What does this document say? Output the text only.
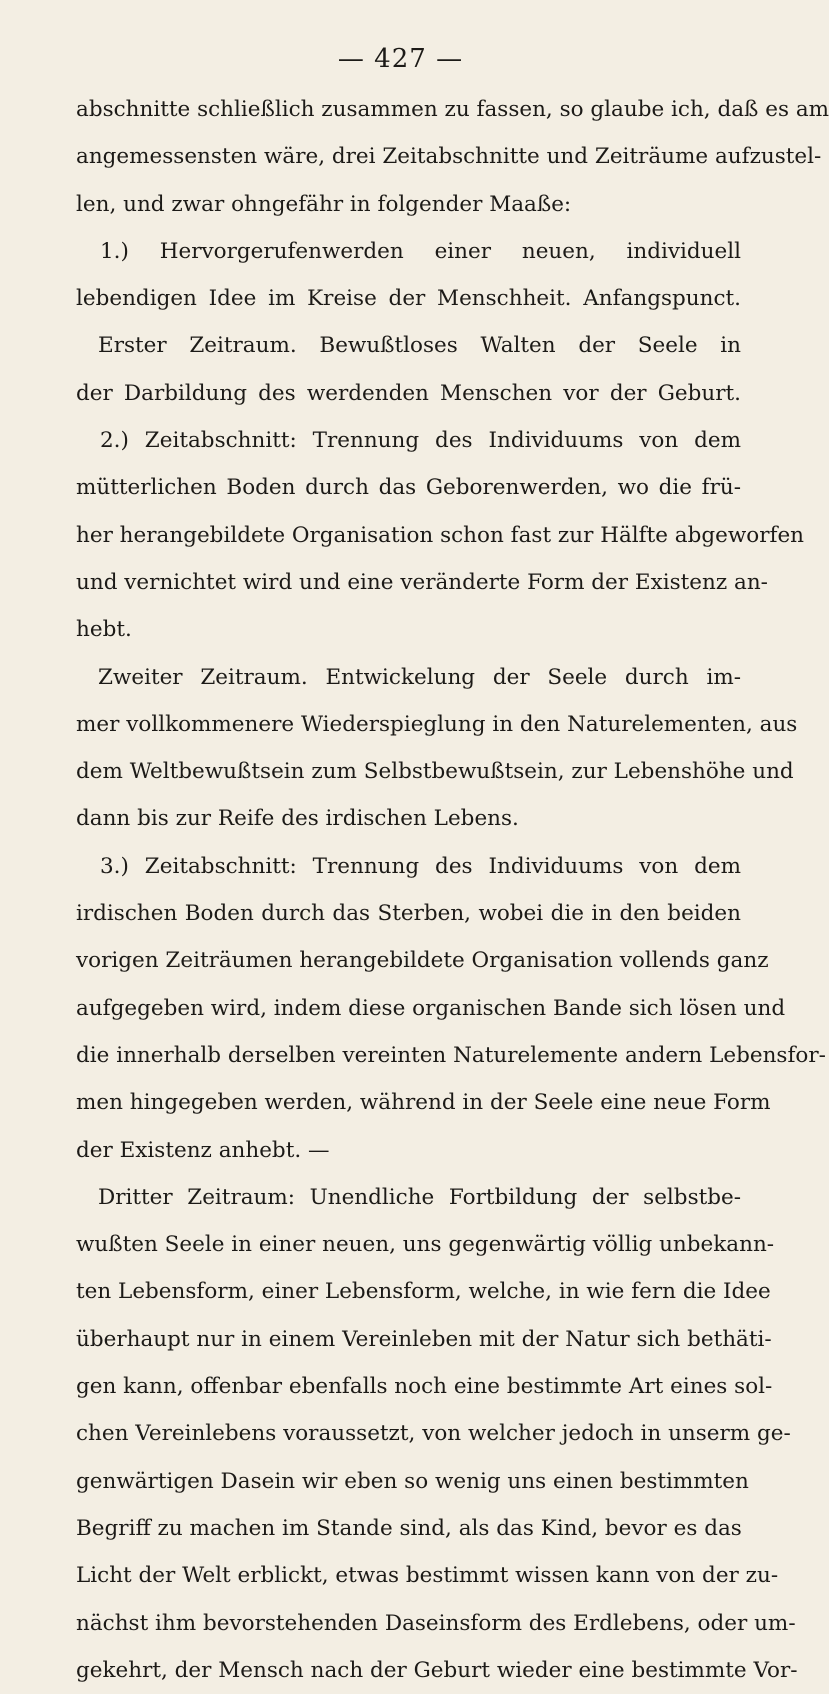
— 427 —
abschnitte schließlich zusammen zu fassen, so glaube ich, daß es am
angemessensten wäre, drei Zeitabschnitte und Zeiträume aufzustel-
len, und zwar ohngefähr in folgender Maaße:
1.) Hervorgerufenwerden einer neuen, individuell
lebendigen Idee im Kreise der Menschheit. Anfangspunct.
Erster Zeitraum. Bewußtloses Walten der Seele in
der Darbildung des werdenden Menschen vor der Geburt.
2.) Zeitabschnitt: Trennung des Individuums von dem
mütterlichen Boden durch das Geborenwerden, wo die frü-
her herangebildete Organisation schon fast zur Hälfte abgeworfen
und vernichtet wird und eine veränderte Form der Existenz an-
hebt.
Zweiter Zeitraum. Entwickelung der Seele durch im-
mer vollkommenere Wiederspieglung in den Naturelementen, aus
dem Weltbewußtsein zum Selbstbewußtsein, zur Lebenshöhe und
dann bis zur Reife des irdischen Lebens.
3.) Zeitabschnitt: Trennung des Individuums von dem
irdischen Boden durch das Sterben, wobei die in den beiden
vorigen Zeiträumen herangebildete Organisation vollends ganz
aufgegeben wird, indem diese organischen Bande sich lösen und
die innerhalb derselben vereinten Naturelemente andern Lebensfor-
men hingegeben werden, während in der Seele eine neue Form
der Existenz anhebt. —
Dritter Zeitraum: Unendliche Fortbildung der selbstbe-
wußten Seele in einer neuen, uns gegenwärtig völlig unbekann-
ten Lebensform, einer Lebensform, welche, in wie fern die Idee
überhaupt nur in einem Vereinleben mit der Natur sich bethäti-
gen kann, offenbar ebenfalls noch eine bestimmte Art eines sol-
chen Vereinlebens voraussetzt, von welcher jedoch in unserm ge-
genwärtigen Dasein wir eben so wenig uns einen bestimmten
Begriff zu machen im Stande sind, als das Kind, bevor es das
Licht der Welt erblickt, etwas bestimmt wissen kann von der zu-
nächst ihm bevorstehenden Daseinsform des Erdlebens, oder um-
gekehrt, der Mensch nach der Geburt wieder eine bestimmte Vor-
